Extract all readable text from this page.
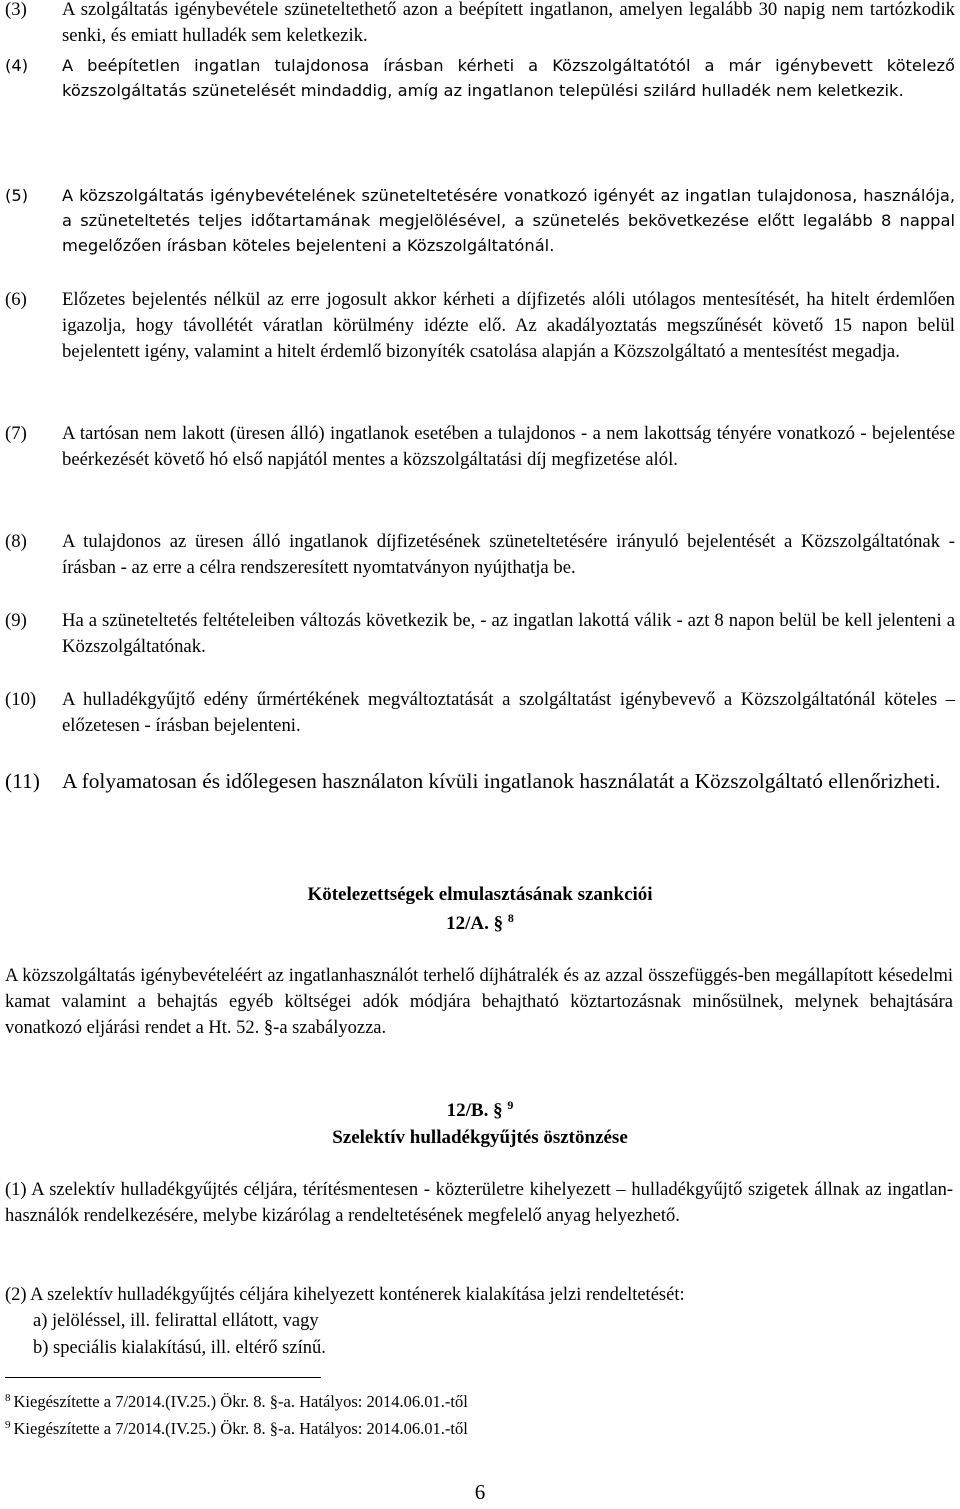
(3)	A szolgáltatás igénybevétele szüneteltethető azon a beépített ingatlanon, amelyen legalább 30 napig nem tartózkodik senki, és emiatt hulladék sem keletkezik.
(4)	A beépítetlen ingatlan tulajdonosa írásban kérheti a Közszolgáltatótól a már igénybevett kötelező közszolgáltatás szünetelését mindaddig, amíg az ingatlanon települési szilárd hulladék nem keletkezik.
(5)	A közszolgáltatás igénybevételének szüneteltetésére vonatkozó igényét az ingatlan tulajdonosa, használója, a szüneteltetés teljes időtartamának megjelölésével, a szünetelés bekövetkezése előtt legalább 8 nappal megelőzően írásban köteles bejelenteni a Közszolgáltatónál.
(6)	Előzetes bejelentés nélkül az erre jogosult akkor kérheti a díjfizetés alóli utólagos mentesítését, ha hitelt érdemlően igazolja, hogy távollétét váratlan körülmény idézte elő. Az akadályoztatás megszűnését követő 15 napon belül bejelentett igény, valamint a hitelt érdemlő bizonyíték csatolása alapján a Közszolgáltató a mentesítést megadja.
(7)	A tartósan nem lakott (üresen álló) ingatlanok esetében a tulajdonos - a nem lakottság tényére vonatkozó - bejelentése beérkezését követő hó első napjától mentes a közszolgáltatási díj megfizetése alól.
(8)	A tulajdonos az üresen álló ingatlanok díjfizetésének szüneteltetésére irányuló bejelentését a Közszolgáltatónak - írásban - az erre a célra rendszeresített nyomtatványon nyújthatja be.
(9)	Ha a szüneteltetés feltételeiben változás következik be, - az ingatlan lakottá válik - azt 8 napon belül be kell jelenteni a Közszolgáltatónak.
(10)	A hulladékgyűjtő edény űrmértékének megváltoztatását a szolgáltatást igénybevevő a Közszolgáltatónál köteles – előzetesen - írásban bejelenteni.
(11)	A folyamatosan és időlegesen használaton kívüli ingatlanok használatát a Közszolgáltató ellenőrizheti.
Kötelezettségek elmulasztásának szankciói
12/A. § $^8$
A közszolgáltatás igénybevételéért az ingatlanhasználót terhelő díjhátralék és az azzal összefüggés-ben megállapított késedelmi kamat valamint a behajtás egyéb költségei adók módjára behajtható köztartozásnak minősülnek, melynek behajtására vonatkozó eljárási rendet a Ht. 52. §-a szabályozza.
12/B. § $^9$
Szelektív hulladékgyűjtés ösztönzése
(1) A szelektív hulladékgyűjtés céljára, térítésmentesen - közterületre kihelyezett – hulladékgyűjtő szigetek állnak az ingatlan-használók rendelkezésére, melybe kizárólag a rendeltetésének megfelelő anyag helyezhető.
(2) A szelektív hulladékgyűjtés céljára kihelyezett konténerek kialakítása jelzi rendeltetését:
a) jelöléssel, ill. felirattal ellátott, vagy
b) speciális kialakítású, ill. eltérő színű.
$^8$ Kiegészítette a 7/2014.(IV.25.) Ökr. 8. §-a. Hatályos: 2014.06.01.-től
$^9$ Kiegészítette a 7/2014.(IV.25.) Ökr. 8. §-a. Hatályos: 2014.06.01.-től
6
